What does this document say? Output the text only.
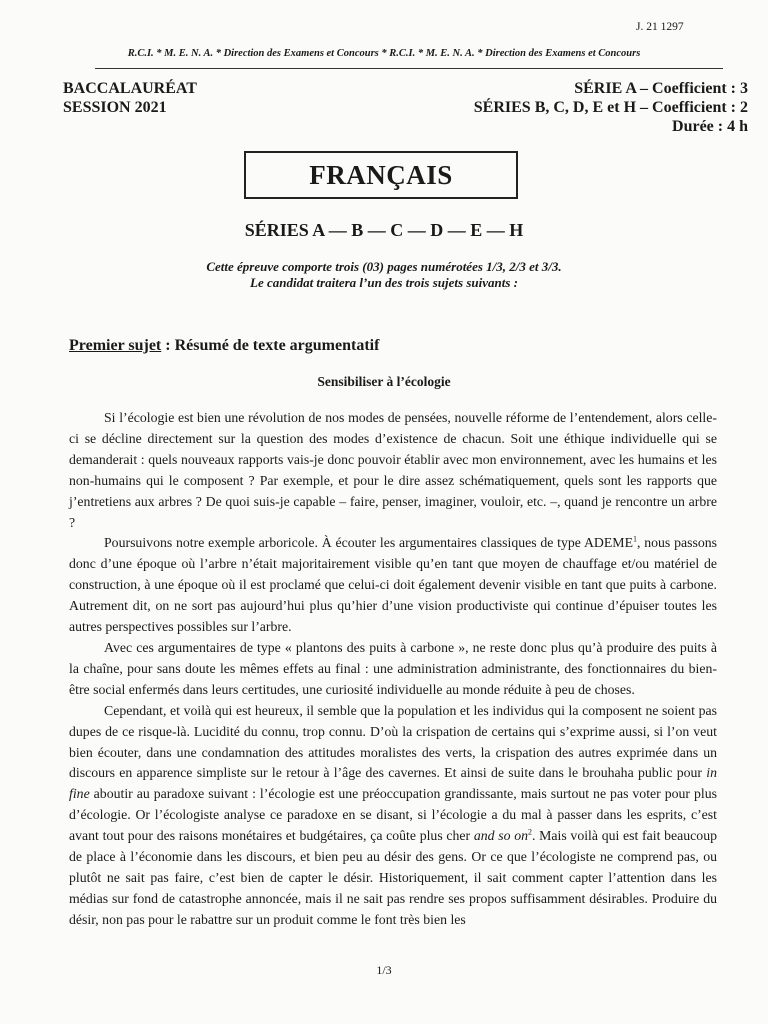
J. 21 1297
R.C.I. * M. E. N. A. * Direction des Examens et Concours * R.C.I. * M. E. N. A. * Direction des Examens et Concours
BACCALAURÉAT
SESSION 2021
SÉRIE A – Coefficient : 3
SÉRIES B, C, D, E et H – Coefficient : 2
Durée : 4 h
FRANÇAIS
SÉRIES A — B — C — D — E — H
Cette épreuve comporte trois (03) pages numérotées 1/3, 2/3 et 3/3.
Le candidat traitera l’un des trois sujets suivants :
Premier sujet : Résumé de texte argumentatif
Sensibiliser à l’écologie

Si l’écologie est bien une révolution de nos modes de pensées, nouvelle réforme de l’entendement, alors celle-ci se décline directement sur la question des modes d’existence de chacun. Soit une éthique individuelle qui se demanderait : quels nouveaux rapports vais-je donc pouvoir établir avec mon environnement, avec les humains et les non-humains qui le composent ? Par exemple, et pour le dire assez schématiquement, quels sont les rapports que j’entretiens aux arbres ? De quoi suis-je capable – faire, penser, imaginer, vouloir, etc. –, quand je rencontre un arbre ?

Poursuivons notre exemple arboricole. À écouter les argumentaires classiques de type ADEME$^1$, nous passons donc d’une époque où l’arbre n’était majoritairement visible qu’en tant que moyen de chauffage et/ou matériel de construction, à une époque où il est proclamé que celui-ci doit également devenir visible en tant que puits à carbone. Autrement dit, on ne sort pas aujourd’hui plus qu’hier d’une vision productiviste qui continue d’épuiser toutes les autres perspectives possibles sur l’arbre.

Avec ces argumentaires de type « plantons des puits à carbone », ne reste donc plus qu’à produire des puits à la chaîne, pour sans doute les mêmes effets au final : une administration administrante, des fonctionnaires du bien-être social enfermés dans leurs certitudes, une curiosité individuelle au monde réduite à peu de choses.

Cependant, et voilà qui est heureux, il semble que la population et les individus qui la composent ne soient pas dupes de ce risque-là. Lucidité du connu, trop connu. D’où la crispation de certains qui s’exprime aussi, si l’on veut bien écouter, dans une condamnation des attitudes moralistes des verts, la crispation des autres exprimée dans un discours en apparence simpliste sur le retour à l’âge des cavernes. Et ainsi de suite dans le brouhaha public pour in fine aboutir au paradoxe suivant : l’écologie est une préoccupation grandissante, mais surtout ne pas voter pour plus d’écologie. Or l’écologiste analyse ce paradoxe en se disant, si l’écologie a du mal à passer dans les esprits, c’est avant tout pour des raisons monétaires et budgétaires, ça coûte plus cher and so $on^2$. Mais voilà qui est fait beaucoup de place à l’économie dans les discours, et bien peu au désir des gens. Or ce que l’écologiste ne comprend pas, ou plutôt ne sait pas faire, c’est bien de capter le désir. Historiquement, il sait comment capter l’attention dans les médias sur fond de catastrophe annoncée, mais il ne sait pas rendre ses propos suffisamment désirables. Produire du désir, non pas pour le rabattre sur un produit comme le font très bien les

1/3
